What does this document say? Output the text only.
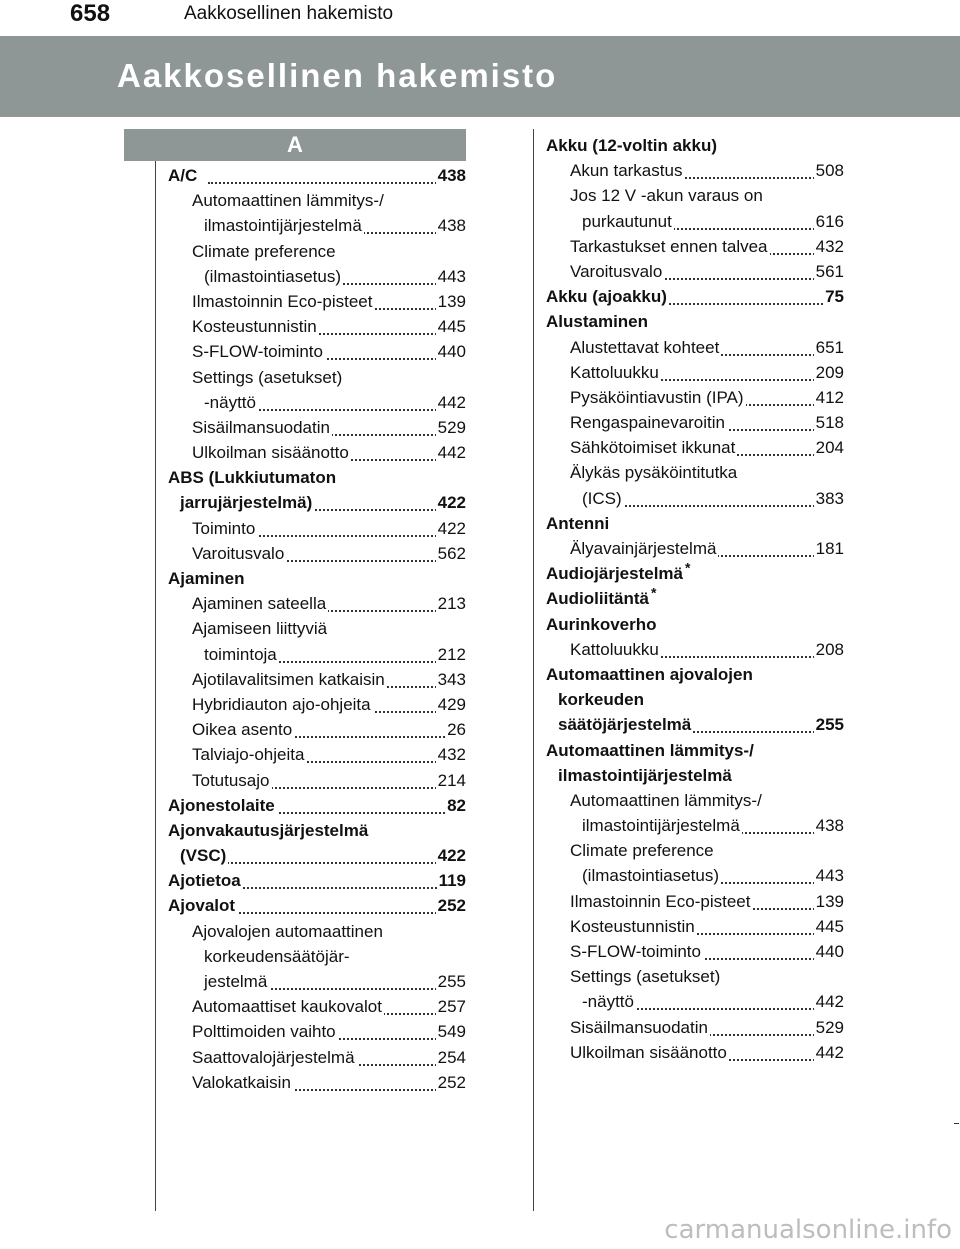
658	Aakkosellinen hakemisto
Aakkosellinen hakemisto
A
A/C	438
Automaattinen lämmitys-/
ilmastointijärjestelmä	438
Climate preference
(ilmastointiasetus)	443
Ilmastoinnin Eco-pisteet	139
Kosteustunnistin	445
S-FLOW-toiminto	440
Settings (asetukset)
-näyttö	442
Sisäilmansuodatin	529
Ulkoilman sisäänotto	442
ABS (Lukkiutumaton
jarrujärjestelmä)	422
Toiminto	422
Varoitusvalo	562
Ajaminen
Ajaminen sateella	213
Ajamiseen liittyviä
toimintoja	212
Ajotilavalitsimen katkaisin	343
Hybridiauton ajo-ohjeita	429
Oikea asento	26
Talviajo-ohjeita	432
Totutusajo	214
Ajonestolaite	82
Ajonvakautusjärjestelmä
(VSC)	422
Ajotietoa	119
Ajovalot	252
Ajovalojen automaattinen
korkeudensäätöjär-
jestelmä	255
Automaattiset kaukovalot	257
Polttimoiden vaihto	549
Saattovalojärjestelmä	254
Valokatkaisin	252
Akku (12-voltin akku)
Akun tarkastus	508
Jos 12 V -akun varaus on
purkautunut	616
Tarkastukset ennen talvea	432
Varoitusvalo	561
Akku (ajoakku)	75
Alustaminen
Alustettavat kohteet	651
Kattoluukku	209
Pysäköintiavustin (IPA)	412
Rengaspainevaroitin	518
Sähkötoimiset ikkunat	204
Älykäs pysäköintitutka
(ICS)	383
Antenni
Älyavainjärjestelmä	181
Audiojärjestelmä *
Audioliitäntä *
Aurinkoverho
Kattoluukku	208
Automaattinen ajovalojen
korkeuden
säätöjärjestelmä	255
Automaattinen lämmitys-/
ilmastointijärjestelmä
Automaattinen lämmitys-/
ilmastointijärjestelmä	438
Climate preference
(ilmastointiasetus)	443
Ilmastoinnin Eco-pisteet	139
Kosteustunnistin	445
S-FLOW-toiminto	440
Settings (asetukset)
-näyttö	442
Sisäilmansuodatin	529
Ulkoilman sisäänotto	442
carmanualsonline.info
